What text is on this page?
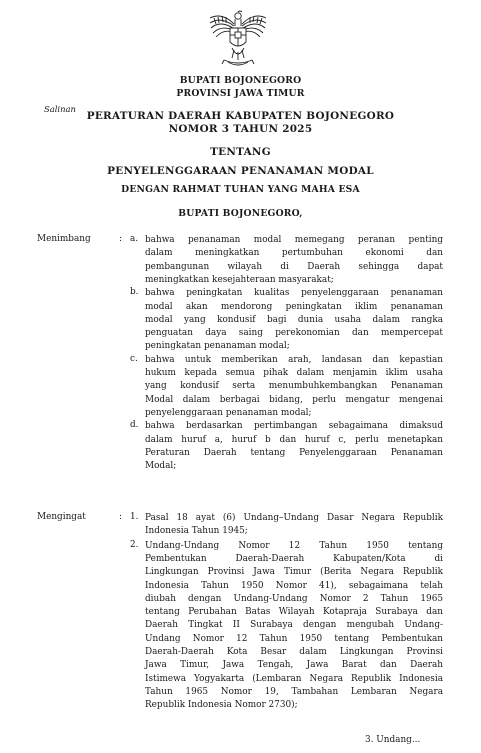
BUPATI BOJONEGORO
PROVINSI JAWA TIMUR
Salinan
PERATURAN DAERAH KABUPATEN BOJONEGORO
NOMOR 3 TAHUN 2025
TENTANG
PENYELENGGARAAN PENANAMAN MODAL
DENGAN RAHMAT TUHAN YANG MAHA ESA
BUPATI BOJONEGORO,
Menimbang	: a. bahwa penanaman modal memegang peranan penting
dalam meningkatkan pertumbuhan ekonomi dan
pembangunan wilayah di Daerah sehingga dapat
meningkatkan kesejahteraan masyarakat;
b. bahwa peningkatan kualitas penyelenggaraan penanaman
modal akan mendorong peningkatan iklim penanaman
modal yang kondusif bagi dunia usaha dalam rangka
penguatan daya saing perekonomian dan mempercepat
peningkatan penanaman modal;
c. bahwa untuk memberikan arah, landasan dan kepastian
hukum kepada semua pihak dalam menjamin iklim usaha
yang kondusif serta menumbuhkembangkan Penanaman
Modal dalam berbagai bidang, perlu mengatur mengenai
penyelenggaraan penanaman modal;
d. bahwa berdasarkan pertimbangan sebagaimana dimaksud
dalam huruf a, huruf b dan huruf c, perlu menetapkan
Peraturan Daerah tentang Penyelenggaraan Penanaman
Modal;
Mengingat	: 1. Pasal 18 ayat (6) Undang–Undang Dasar Negara Republik
Indonesia Tahun 1945;
2. Undang-Undang Nomor 12 Tahun 1950 tentang
Pembentukan Daerah-Daerah Kabupaten/Kota di
Lingkungan Provinsi Jawa Timur (Berita Negara Republik
Indonesia Tahun 1950 Nomor 41), sebagaimana telah
diubah dengan Undang-Undang Nomor 2 Tahun 1965
tentang Perubahan Batas Wilayah Kotapraja Surabaya dan
Daerah Tingkat II Surabaya dengan mengubah Undang-
Undang Nomor 12 Tahun 1950 tentang Pembentukan
Daerah-Daerah Kota Besar dalam Lingkungan Provinsi
Jawa Timur, Jawa Tengah, Jawa Barat dan Daerah
Istimewa Yogyakarta (Lembaran Negara Republik Indonesia
Tahun 1965 Nomor 19, Tambahan Lembaran Negara
Republik Indonesia Nomor 2730);
3. Undang...
